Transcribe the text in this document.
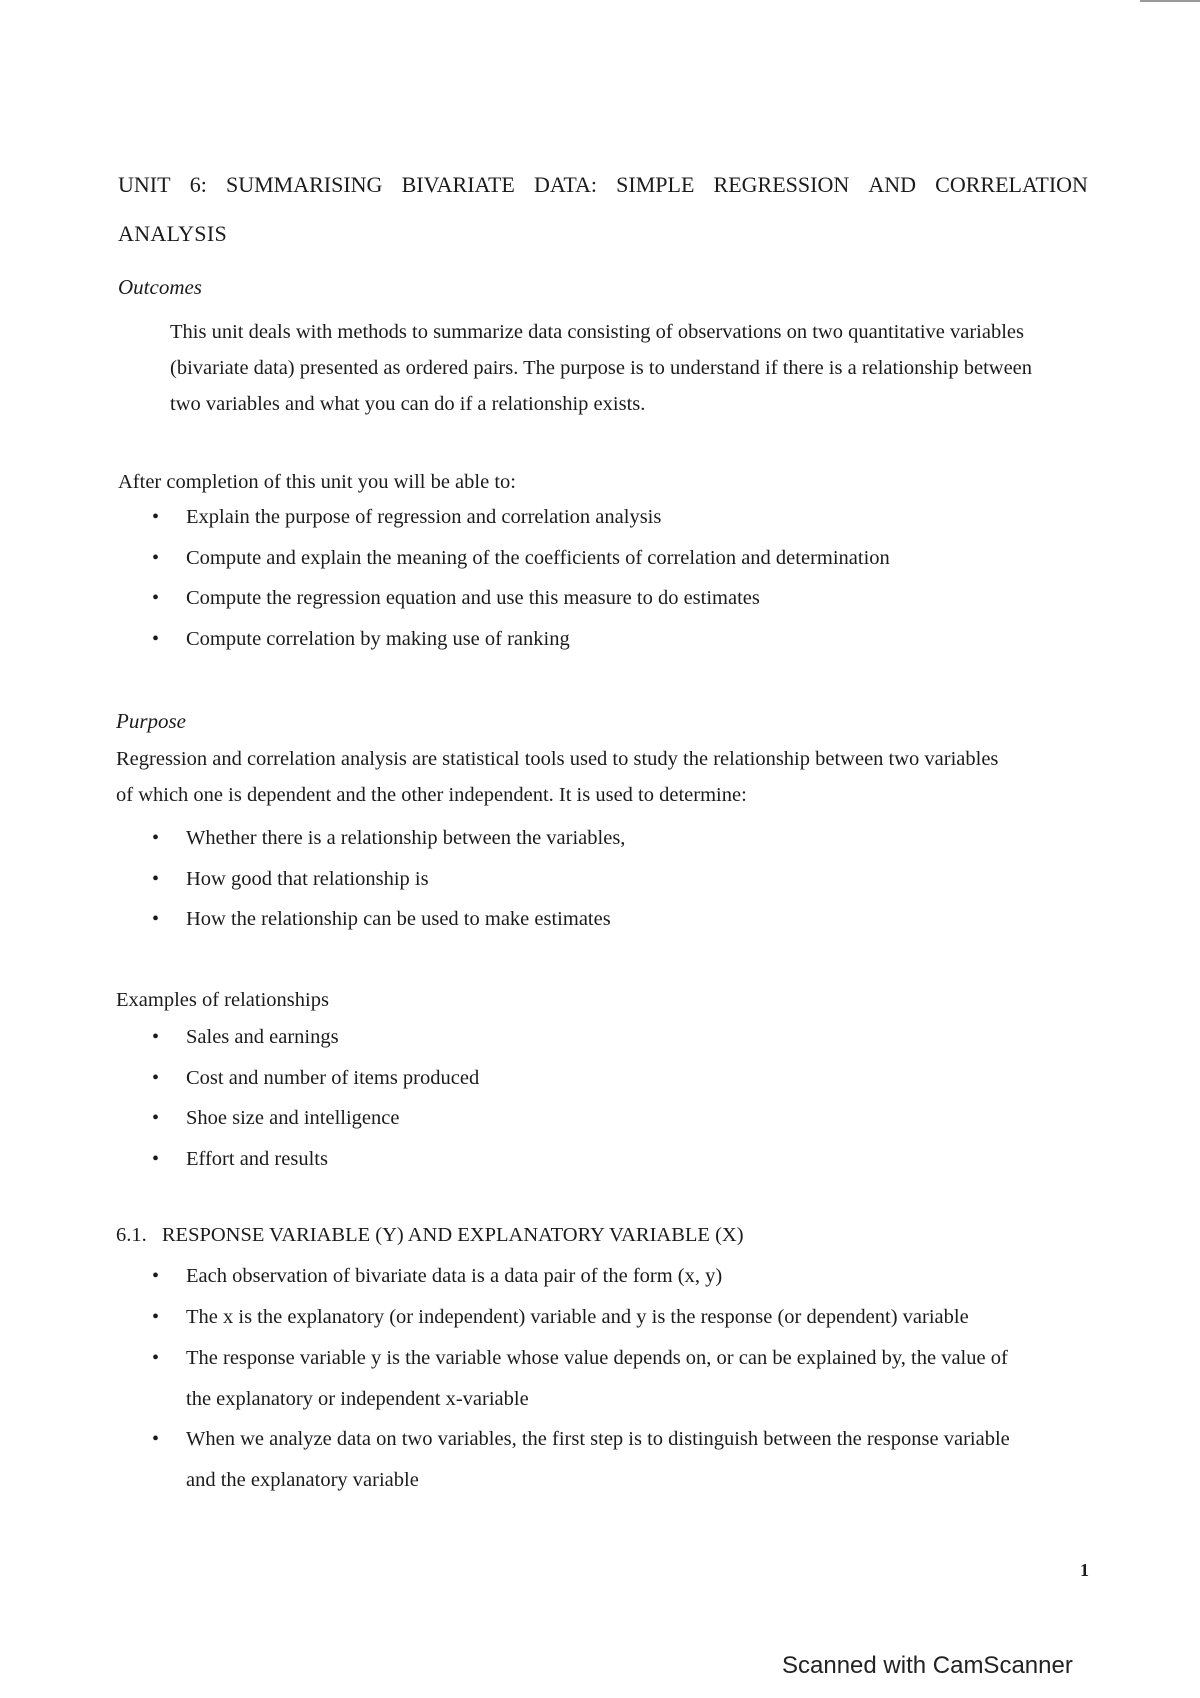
UNIT 6: SUMMARISING BIVARIATE DATA: SIMPLE REGRESSION AND CORRELATION
ANALYSIS
Outcomes
This unit deals with methods to summarize data consisting of observations on two quantitative variables
(bivariate data) presented as ordered pairs. The purpose is to understand if there is a relationship between
two variables and what you can do if a relationship exists.
After completion of this unit you will be able to:
• Explain the purpose of regression and correlation analysis
• Compute and explain the meaning of the coefficients of correlation and determination
• Compute the regression equation and use this measure to do estimates
• Compute correlation by making use of ranking
Purpose
Regression and correlation analysis are statistical tools used to study the relationship between two variables
of which one is dependent and the other independent. It is used to determine:
• Whether there is a relationship between the variables,
• How good that relationship is
• How the relationship can be used to make estimates
Examples of relationships
• Sales and earnings
• Cost and number of items produced
• Shoe size and intelligence
• Effort and results
6.1. RESPONSE VARIABLE (Y) AND EXPLANATORY VARIABLE (X)
• Each observation of bivariate data is a data pair of the form (x, y)
• The x is the explanatory (or independent) variable and y is the response (or dependent) variable
• The response variable y is the variable whose value depends on, or can be explained by, the value of
the explanatory or independent x-variable
• When we analyze data on two variables, the first step is to distinguish between the response variable
and the explanatory variable
1
Scanned with CamScanner
